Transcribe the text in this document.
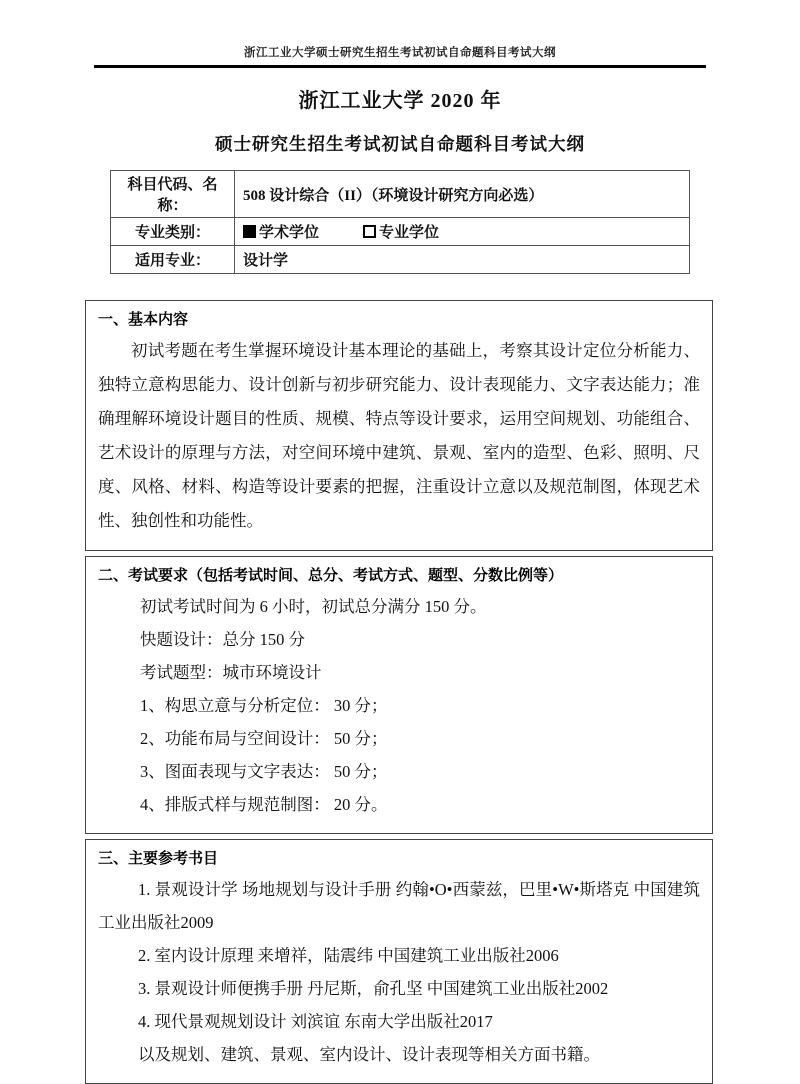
浙江工业大学硕士研究生招生考试初试自命题科目考试大纲
浙江工业大学 2020 年
硕士研究生招生考试初试自命题科目考试大纲
科目代码、名称：	508 设计综合（II）（环境设计研究方向必选）
专业类别：	学术学位 专业学位
适用专业：	设计学
一、基本内容

初试考题在考生掌握环境设计基本理论的基础上，考察其设计定位分析能力、独特立意构思能力、设计创新与初步研究能力、设计表现能力、文字表达能力；准确理解环境设计题目的性质、规模、特点等设计要求，运用空间规划、功能组合、艺术设计的原理与方法，对空间环境中建筑、景观、室内的造型、色彩、照明、尺度、风格、材料、构造等设计要素的把握，注重设计立意以及规范制图，体现艺术性、独创性和功能性。

二、考试要求（包括考试时间、总分、考试方式、题型、分数比例等）

初试考试时间为 6 小时，初试总分满分 150 分。

快题设计：总分 150 分

考试题型：城市环境设计

1、构思立意与分析定位： 30 分；

2、功能布局与空间设计： 50 分；

3、图面表现与文字表达： 50 分；

4、排版式样与规范制图： 20 分。

三、主要参考书目

1. 景观设计学 场地规划与设计手册 约翰•O•西蒙兹，巴里•W•斯塔克 中国建筑工业出版社2009

2. 室内设计原理 来增祥，陆震纬 中国建筑工业出版社2006

3. 景观设计师便携手册 丹尼斯，俞孔坚 中国建筑工业出版社2002

4. 现代景观规划设计 刘滨谊 东南大学出版社2017

以及规划、建筑、景观、室内设计、设计表现等相关方面书籍。
